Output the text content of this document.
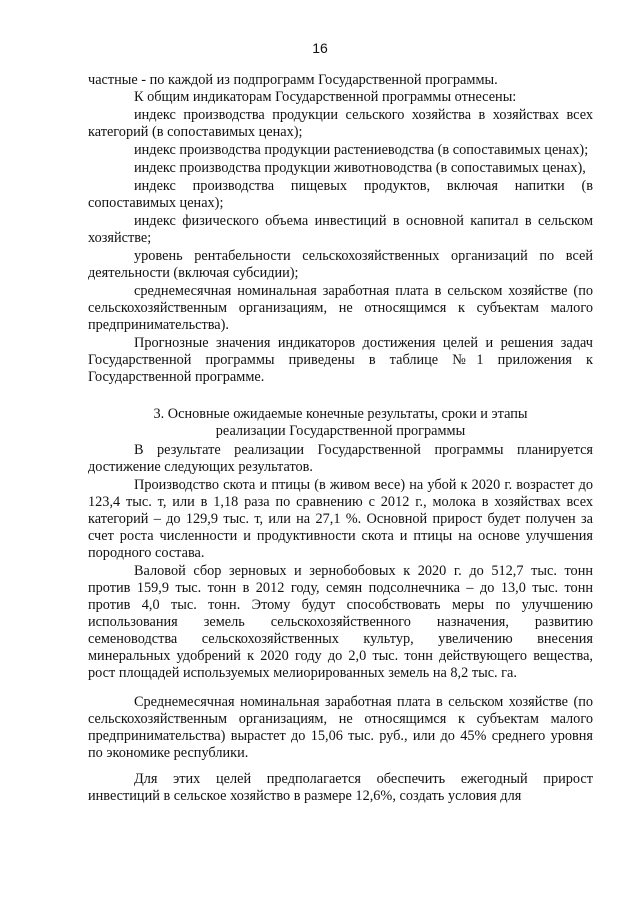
16

частные - по каждой из подпрограмм Государственной программы.

К общим индикаторам Государственной программы отнесены:

индекс производства продукции сельского хозяйства в хозяйствах всех категорий (в сопоставимых ценах);

индекс производства продукции растениеводства (в сопоставимых ценах);

индекс производства продукции животноводства (в сопоставимых ценах),

индекс производства пищевых продуктов, включая напитки (в сопоставимых ценах);

индекс физического объема инвестиций в основной капитал в сельском хозяйстве;

уровень рентабельности сельскохозяйственных организаций по всей деятельности (включая субсидии);

среднемесячная номинальная заработная плата в сельском хозяйстве (по сельскохозяйственным организациям, не относящимся к субъектам малого предпринимательства).

Прогнозные значения индикаторов достижения целей и решения задач Государственной программы приведены в таблице №1 приложения к Государственной программе.

3. Основные ожидаемые конечные результаты, сроки и этапы
реализации Государственной программы

В результате реализации Государственной программы планируется достижение следующих результатов.

Производство скота и птицы (в живом весе) на убой к 2020 г. возрастет до 123,4 тыс. т, или в 1,18 раза по сравнению с 2012 г., молока в хозяйствах всех категорий – до 129,9 тыс. т, или на 27,1 %. Основной прирост будет получен за счет роста численности и продуктивности скота и птицы на основе улучшения породного состава.

Валовой сбор зерновых и зернобобовых к 2020 г. до 512,7 тыс. тонн против 159,9 тыс. тонн в 2012 году, семян подсолнечника – до 13,0 тыс. тонн против 4,0 тыс. тонн. Этому будут способствовать меры по улучшению использования земель сельскохозяйственного назначения, развитию семеноводства сельскохозяйственных культур, увеличению внесения минеральных удобрений к 2020 году до 2,0 тыс. тонн действующего вещества, рост площадей используемых мелиорированных земель на 8,2 тыс. га.

Среднемесячная номинальная заработная плата в сельском хозяйстве (по сельскохозяйственным организациям, не относящимся к субъектам малого предпринимательства) вырастет до 15,06 тыс. руб., или до 45% среднего уровня по экономике республики.

Для этих целей предполагается обеспечить ежегодный прирост инвестиций в сельское хозяйство в размере 12,6%, создать условия для
